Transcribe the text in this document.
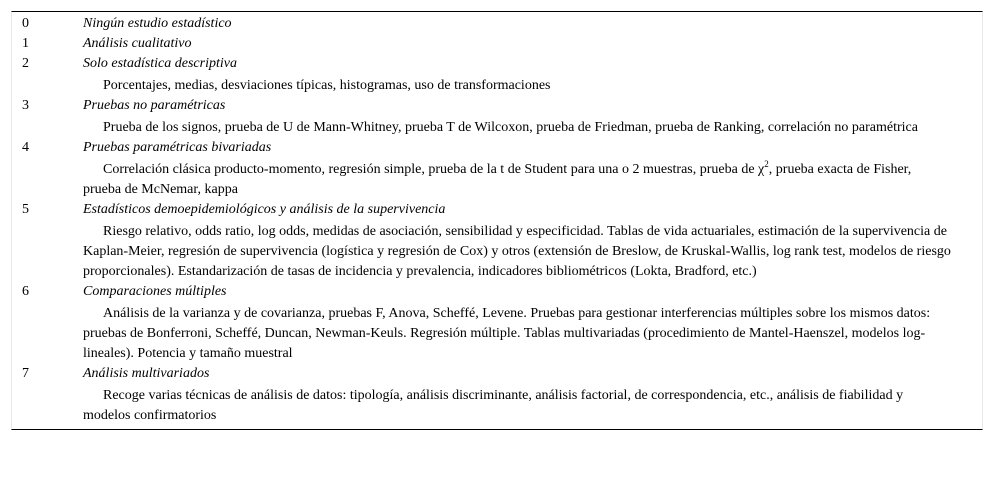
0	Ningún estudio estadístico
1	Análisis cualitativo
2	Solo estadística descriptiva
Porcentajes, medias, desviaciones típicas, histogramas, uso de transformaciones
3	Pruebas no paramétricas
Prueba de los signos, prueba de U de Mann-Whitney, prueba T de Wilcoxon, prueba de Friedman, prueba de Ranking, correlación no paramétrica
4	Pruebas paramétricas bivariadas
Correlación clásica producto-momento, regresión simple, prueba de la t de Student para una o 2 muestras, prueba de $\chi^2$, prueba exacta de Fisher, prueba de McNemar, kappa
5	Estadísticos demoepidemiológicos y análisis de la supervivencia
Riesgo relativo, odds ratio, log odds, medidas de asociación, sensibilidad y especificidad. Tablas de vida actuariales, estimación de la supervivencia de Kaplan-Meier, regresión de supervivencia (logística y regresión de Cox) y otros (extensión de Breslow, de Kruskal-Wallis, log rank test, modelos de riesgo proporcionales). Estandarización de tasas de incidencia y prevalencia, indicadores bibliométricos (Lokta, Bradford, etc.)
6	Comparaciones múltiples
Análisis de la varianza y de covarianza, pruebas F, Anova, Scheffé, Levene. Pruebas para gestionar interferencias múltiples sobre los mismos datos: pruebas de Bonferroni, Scheffé, Duncan, Newman-Keuls. Regresión múltiple. Tablas multivariadas (procedimiento de Mantel-Haenszel, modelos log-lineales). Potencia y tamaño muestral
7	Análisis multivariados
Recoge varias técnicas de análisis de datos: tipología, análisis discriminante, análisis factorial, de correspondencia, etc., análisis de fiabilidad y modelos confirmatorios
